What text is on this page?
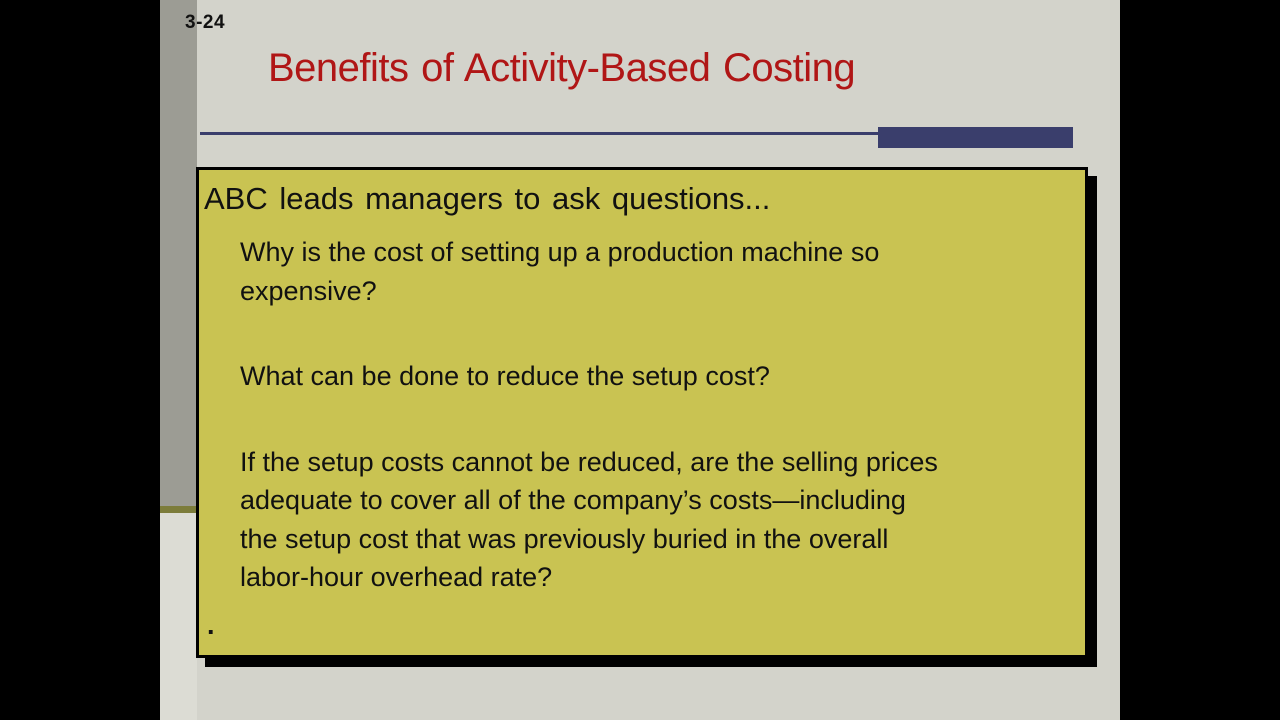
3-24
Benefits of Activity-Based Costing
ABC leads managers to ask questions...
Why is the cost of setting up a production machine so
expensive?
What can be done to reduce the setup cost?
If the setup costs cannot be reduced, are the selling prices
adequate to cover all of the company’s costs—including
the setup cost that was previously buried in the overall
labor-hour overhead rate?
.
